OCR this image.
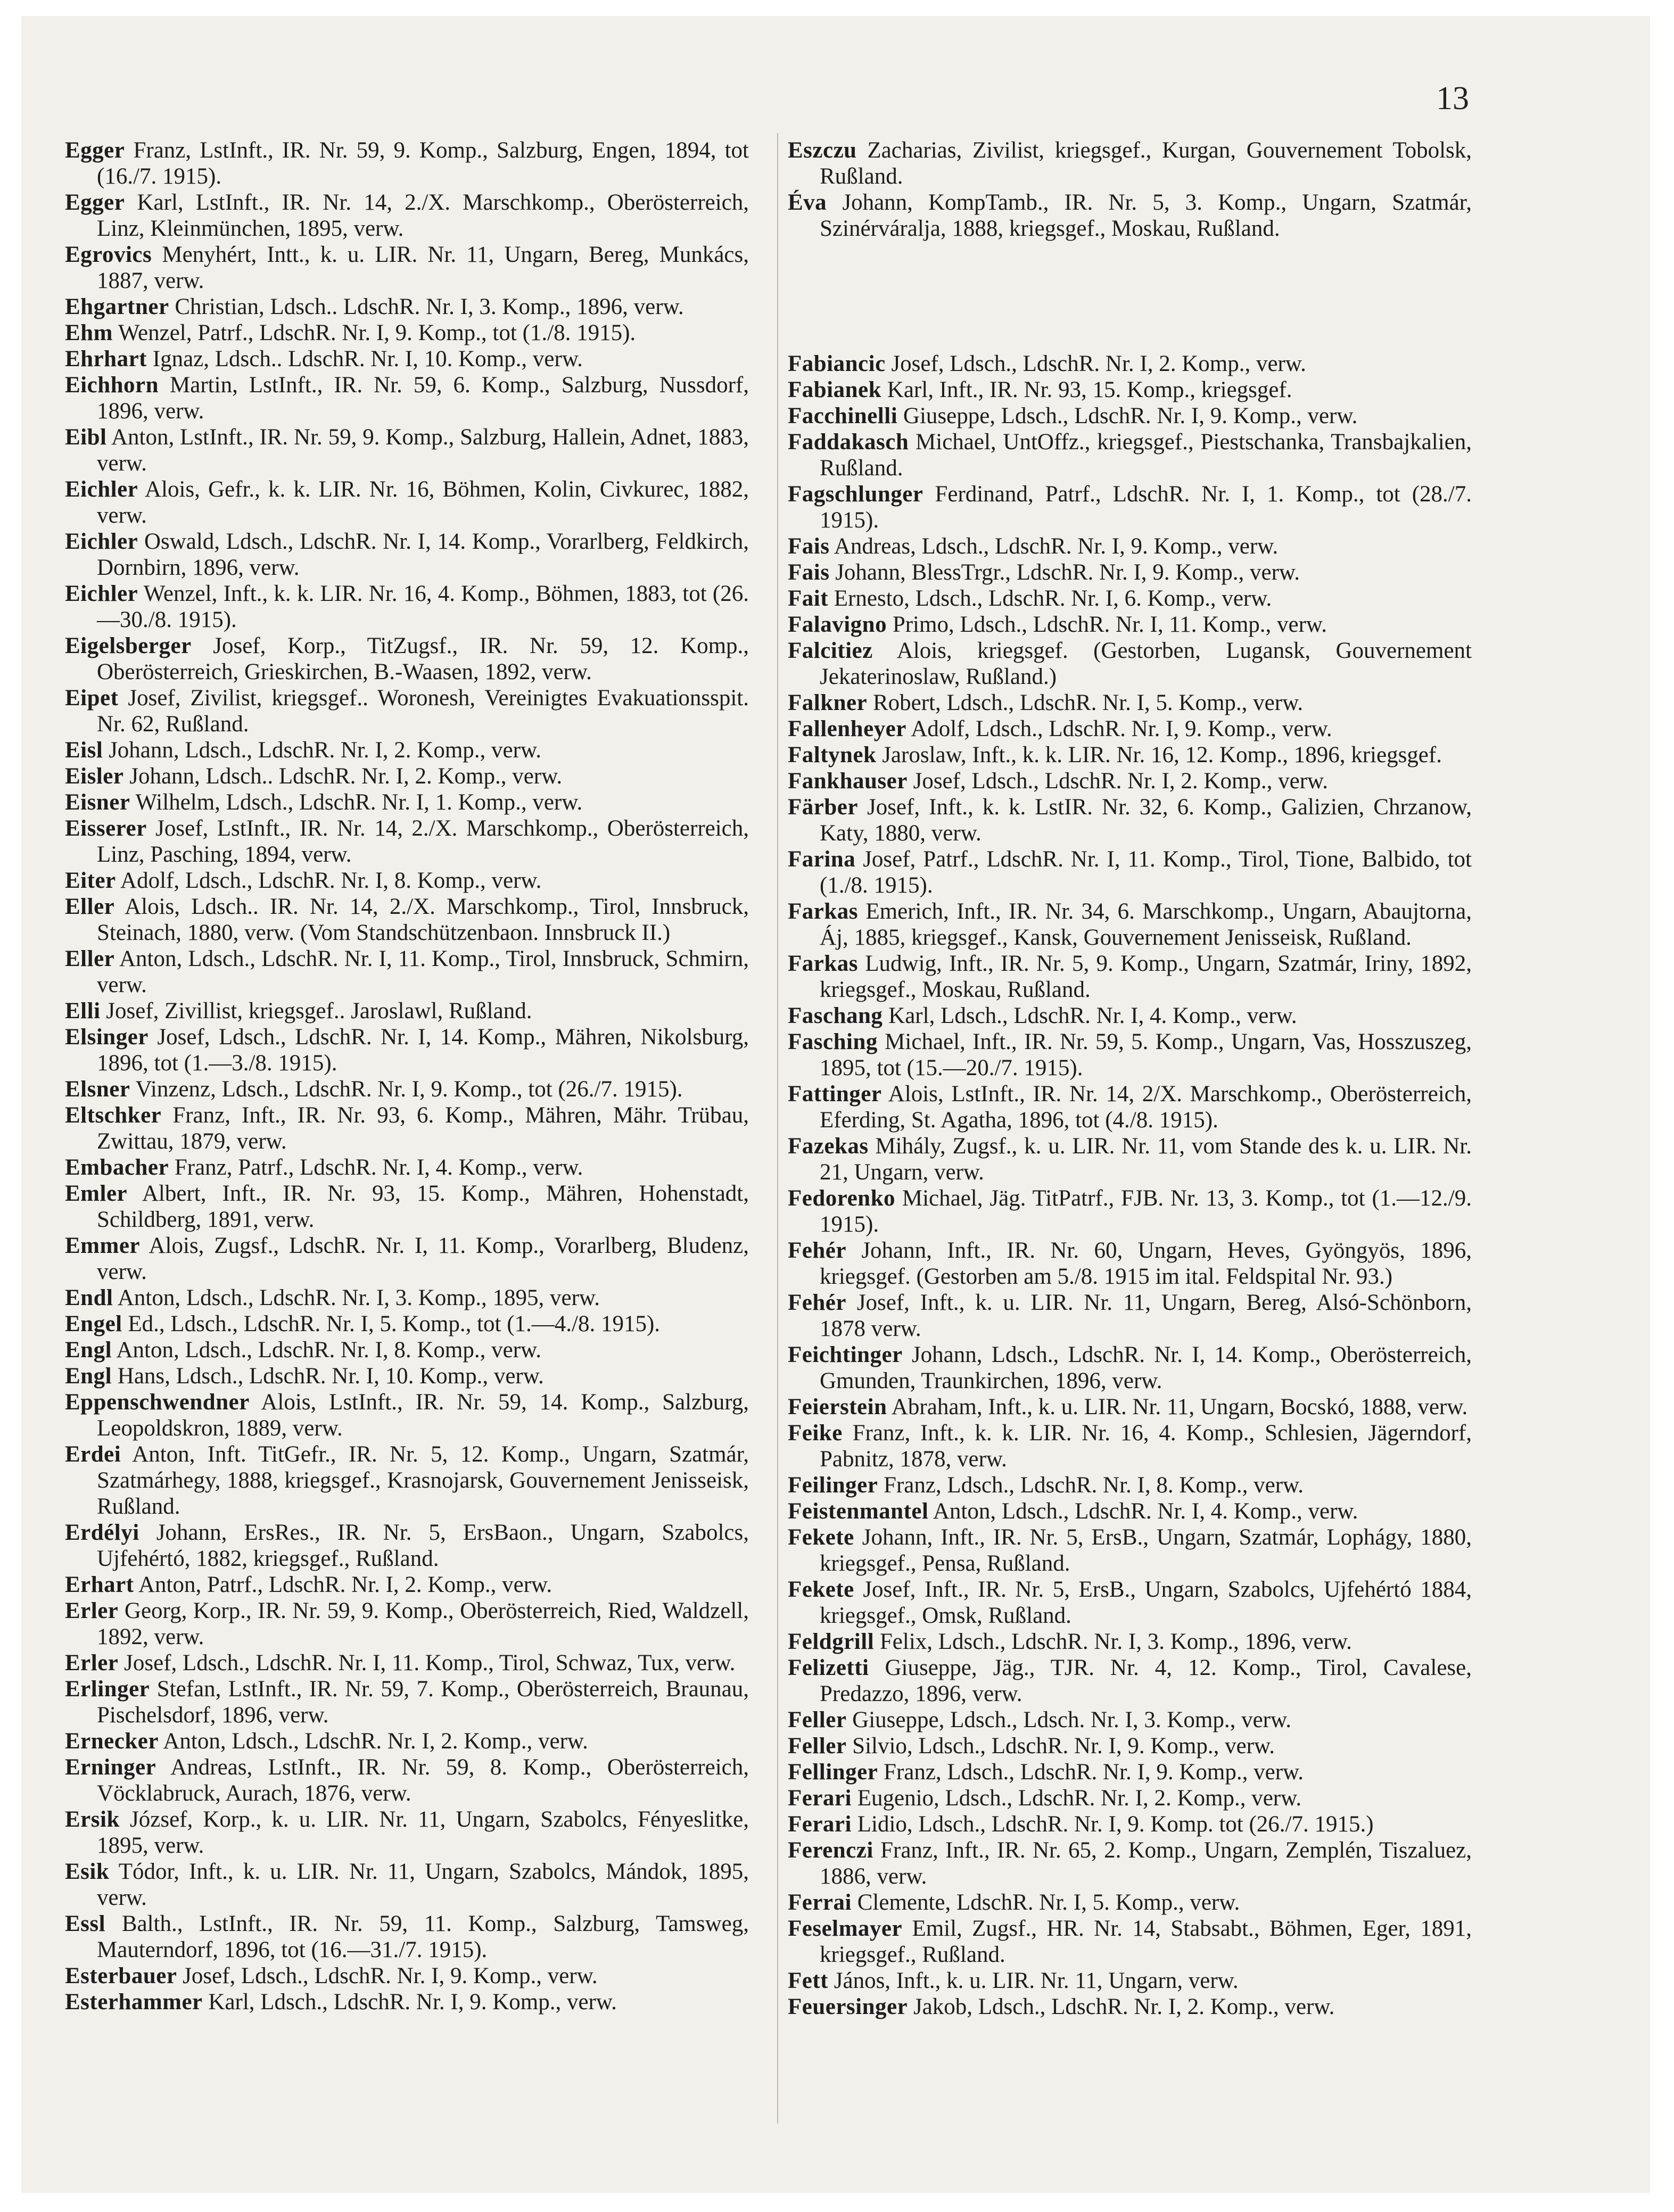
13
Egger Franz, LstInft., IR. Nr. 59, 9. Komp., Salzburg, Engen, 1894, tot (16./7. 1915).
Egger Karl, LstInft., IR. Nr. 14, 2./X. Marschkomp., Oberösterreich, Linz, Kleinmünchen, 1895, verw.
Egrovics Menyhért, Intt., k. u. LIR. Nr. 11, Ungarn, Bereg, Munkács, 1887, verw.
Ehgartner Christian, Ldsch.. LdschR. Nr. I, 3. Komp., 1896, verw.
Ehm Wenzel, Patrf., LdschR. Nr. I, 9. Komp., tot (1./8. 1915).
Ehrhart Ignaz, Ldsch.. LdschR. Nr. I, 10. Komp., verw.
Eichhorn Martin, LstInft., IR. Nr. 59, 6. Komp., Salzburg, Nussdorf, 1896, verw.
Eibl Anton, LstInft., IR. Nr. 59, 9. Komp., Salzburg, Hallein, Adnet, 1883, verw.
Eichler Alois, Gefr., k. k. LIR. Nr. 16, Böhmen, Kolin, Civkurec, 1882, verw.
Eichler Oswald, Ldsch., LdschR. Nr. I, 14. Komp., Vorarlberg, Feldkirch, Dornbirn, 1896, verw.
Eichler Wenzel, Inft., k. k. LIR. Nr. 16, 4. Komp., Böhmen, 1883, tot (26.—30./8. 1915).
Eigelsberger Josef, Korp., TitZugsf., IR. Nr. 59, 12. Komp., Oberösterreich, Grieskirchen, B.-Waasen, 1892, verw.
Eipet Josef, Zivilist, kriegsgef.. Woronesh, Vereinigtes Evakuationsspit. Nr. 62, Rußland.
Eisl Johann, Ldsch., LdschR. Nr. I, 2. Komp., verw.
Eisler Johann, Ldsch.. LdschR. Nr. I, 2. Komp., verw.
Eisner Wilhelm, Ldsch., LdschR. Nr. I, 1. Komp., verw.
Eisserer Josef, LstInft., IR. Nr. 14, 2./X. Marschkomp., Oberösterreich, Linz, Pasching, 1894, verw.
Eiter Adolf, Ldsch., LdschR. Nr. I, 8. Komp., verw.
Eller Alois, Ldsch.. IR. Nr. 14, 2./X. Marschkomp., Tirol, Innsbruck, Steinach, 1880, verw. (Vom Standschützenbaon. Innsbruck II.)
Eller Anton, Ldsch., LdschR. Nr. I, 11. Komp., Tirol, Innsbruck, Schmirn, verw.
Elli Josef, Zivillist, kriegsgef.. Jaroslawl, Rußland.
Elsinger Josef, Ldsch., LdschR. Nr. I, 14. Komp., Mähren, Nikolsburg, 1896, tot (1.—3./8. 1915).
Elsner Vinzenz, Ldsch., LdschR. Nr. I, 9. Komp., tot (26./7. 1915).
Eltschker Franz, Inft., IR. Nr. 93, 6. Komp., Mähren, Mähr. Trübau, Zwittau, 1879, verw.
Embacher Franz, Patrf., LdschR. Nr. I, 4. Komp., verw.
Emler Albert, Inft., IR. Nr. 93, 15. Komp., Mähren, Hohenstadt, Schildberg, 1891, verw.
Emmer Alois, Zugsf., LdschR. Nr. I, 11. Komp., Vorarlberg, Bludenz, verw.
Endl Anton, Ldsch., LdschR. Nr. I, 3. Komp., 1895, verw.
Engel Ed., Ldsch., LdschR. Nr. I, 5. Komp., tot (1.—4./8. 1915).
Engl Anton, Ldsch., LdschR. Nr. I, 8. Komp., verw.
Engl Hans, Ldsch., LdschR. Nr. I, 10. Komp., verw.
Eppenschwendner Alois, LstInft., IR. Nr. 59, 14. Komp., Salzburg, Leopoldskron, 1889, verw.
Erdei Anton, Inft. TitGefr., IR. Nr. 5, 12. Komp., Ungarn, Szatmár, Szatmárhegy, 1888, kriegsgef., Krasnojarsk, Gouvernement Jenisseisk, Rußland.
Erdélyi Johann, ErsRes., IR. Nr. 5, ErsBaon., Ungarn, Szabolcs, Ujfehértó, 1882, kriegsgef., Rußland.
Erhart Anton, Patrf., LdschR. Nr. I, 2. Komp., verw.
Erler Georg, Korp., IR. Nr. 59, 9. Komp., Oberösterreich, Ried, Waldzell, 1892, verw.
Erler Josef, Ldsch., LdschR. Nr. I, 11. Komp., Tirol, Schwaz, Tux, verw.
Erlinger Stefan, LstInft., IR. Nr. 59, 7. Komp., Oberösterreich, Braunau, Pischelsdorf, 1896, verw.
Ernecker Anton, Ldsch., LdschR. Nr. I, 2. Komp., verw.
Erninger Andreas, LstInft., IR. Nr. 59, 8. Komp., Oberösterreich, Vöcklabruck, Aurach, 1876, verw.
Ersik József, Korp., k. u. LIR. Nr. 11, Ungarn, Szabolcs, Fényeslitke, 1895, verw.
Esik Tódor, Inft., k. u. LIR. Nr. 11, Ungarn, Szabolcs, Mándok, 1895, verw.
Essl Balth., LstInft., IR. Nr. 59, 11. Komp., Salzburg, Tamsweg, Mauterndorf, 1896, tot (16.—31./7. 1915).
Esterbauer Josef, Ldsch., LdschR. Nr. I, 9. Komp., verw.
Esterhammer Karl, Ldsch., LdschR. Nr. I, 9. Komp., verw.
Eszczu Zacharias, Zivilist, kriegsgef., Kurgan, Gouvernement Tobolsk, Rußland.
Éva Johann, KompTamb., IR. Nr. 5, 3. Komp., Ungarn, Szatmár, Szinérváralja, 1888, kriegsgef., Moskau, Rußland.
Fabiancic Josef, Ldsch., LdschR. Nr. I, 2. Komp., verw.
Fabianek Karl, Inft., IR. Nr. 93, 15. Komp., kriegsgef.
Facchinelli Giuseppe, Ldsch., LdschR. Nr. I, 9. Komp., verw.
Faddakasch Michael, UntOffz., kriegsgef., Piestschanka, Transbajkalien, Rußland.
Fagschlunger Ferdinand, Patrf., LdschR. Nr. I, 1. Komp., tot (28./7. 1915).
Fais Andreas, Ldsch., LdschR. Nr. I, 9. Komp., verw.
Fais Johann, BlessTrgr., LdschR. Nr. I, 9. Komp., verw.
Fait Ernesto, Ldsch., LdschR. Nr. I, 6. Komp., verw.
Falavigno Primo, Ldsch., LdschR. Nr. I, 11. Komp., verw.
Falcitiez Alois, kriegsgef. (Gestorben, Lugansk, Gouvernement Jekaterinoslaw, Rußland.)
Falkner Robert, Ldsch., LdschR. Nr. I, 5. Komp., verw.
Fallenheyer Adolf, Ldsch., LdschR. Nr. I, 9. Komp., verw.
Faltynek Jaroslaw, Inft., k. k. LIR. Nr. 16, 12. Komp., 1896, kriegsgef.
Fankhauser Josef, Ldsch., LdschR. Nr. I, 2. Komp., verw.
Färber Josef, Inft., k. k. LstIR. Nr. 32, 6. Komp., Galizien, Chrzanow, Katy, 1880, verw.
Farina Josef, Patrf., LdschR. Nr. I, 11. Komp., Tirol, Tione, Balbido, tot (1./8. 1915).
Farkas Emerich, Inft., IR. Nr. 34, 6. Marschkomp., Ungarn, Abaujtorna, Áj, 1885, kriegsgef., Kansk, Gouvernement Jenisseisk, Rußland.
Farkas Ludwig, Inft., IR. Nr. 5, 9. Komp., Ungarn, Szatmár, Iriny, 1892, kriegsgef., Moskau, Rußland.
Faschang Karl, Ldsch., LdschR. Nr. I, 4. Komp., verw.
Fasching Michael, Inft., IR. Nr. 59, 5. Komp., Ungarn, Vas, Hosszuszeg, 1895, tot (15.—20./7. 1915).
Fattinger Alois, LstInft., IR. Nr. 14, 2/X. Marschkomp., Oberösterreich, Eferding, St. Agatha, 1896, tot (4./8. 1915).
Fazekas Mihály, Zugsf., k. u. LIR. Nr. 11, vom Stande des k. u. LIR. Nr. 21, Ungarn, verw.
Fedorenko Michael, Jäg. TitPatrf., FJB. Nr. 13, 3. Komp., tot (1.—12./9. 1915).
Fehér Johann, Inft., IR. Nr. 60, Ungarn, Heves, Gyöngyös, 1896, kriegsgef. (Gestorben am 5./8. 1915 im ital. Feldspital Nr. 93.)
Fehér Josef, Inft., k. u. LIR. Nr. 11, Ungarn, Bereg, Alsó-Schönborn, 1878 verw.
Feichtinger Johann, Ldsch., LdschR. Nr. I, 14. Komp., Oberösterreich, Gmunden, Traunkirchen, 1896, verw.
Feierstein Abraham, Inft., k. u. LIR. Nr. 11, Ungarn, Bocskó, 1888, verw.
Feike Franz, Inft., k. k. LIR. Nr. 16, 4. Komp., Schlesien, Jägerndorf, Pabnitz, 1878, verw.
Feilinger Franz, Ldsch., LdschR. Nr. I, 8. Komp., verw.
Feistenmantel Anton, Ldsch., LdschR. Nr. I, 4. Komp., verw.
Fekete Johann, Inft., IR. Nr. 5, ErsB., Ungarn, Szatmár, Lophágy, 1880, kriegsgef., Pensa, Rußland.
Fekete Josef, Inft., IR. Nr. 5, ErsB., Ungarn, Szabolcs, Ujfehértó 1884, kriegsgef., Omsk, Rußland.
Feldgrill Felix, Ldsch., LdschR. Nr. I, 3. Komp., 1896, verw.
Felizetti Giuseppe, Jäg., TJR. Nr. 4, 12. Komp., Tirol, Cavalese, Predazzo, 1896, verw.
Feller Giuseppe, Ldsch., Ldsch. Nr. I, 3. Komp., verw.
Feller Silvio, Ldsch., LdschR. Nr. I, 9. Komp., verw.
Fellinger Franz, Ldsch., LdschR. Nr. I, 9. Komp., verw.
Ferari Eugenio, Ldsch., LdschR. Nr. I, 2. Komp., verw.
Ferari Lidio, Ldsch., LdschR. Nr. I, 9. Komp. tot (26./7. 1915.)
Ferenczi Franz, Inft., IR. Nr. 65, 2. Komp., Ungarn, Zemplén, Tiszaluez, 1886, verw.
Ferrai Clemente, LdschR. Nr. I, 5. Komp., verw.
Feselmayer Emil, Zugsf., HR. Nr. 14, Stabsabt., Böhmen, Eger, 1891, kriegsgef., Rußland.
Fett János, Inft., k. u. LIR. Nr. 11, Ungarn, verw.
Feuersinger Jakob, Ldsch., LdschR. Nr. I, 2. Komp., verw.
